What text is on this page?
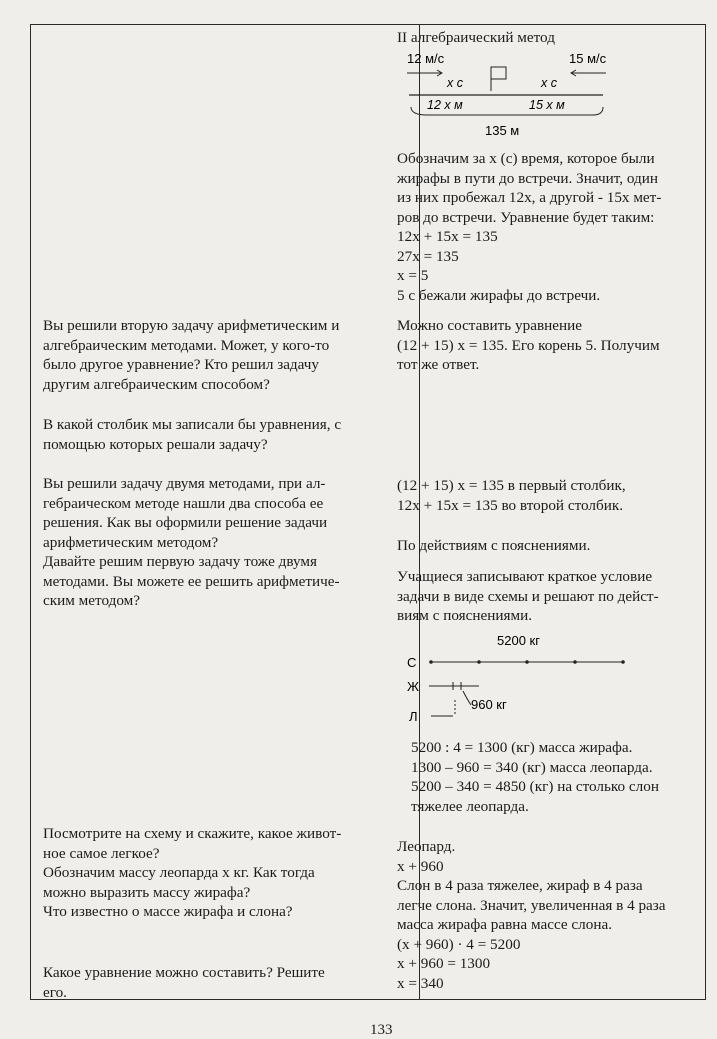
II алгебраический метод
12 м/с	15 м/с
х с	х с
12 х м	15 х м
135 м
Обозначим за х (с) время, которое были
жирафы в пути до встречи. Значит, один
из них пробежал 12х, а другой - 15х мет-
ров до встречи. Уравнение будет таким:
12х + 15х = 135
27х = 135
х = 5
5 с бежали жирафы до встречи.
Можно составить уравнение
(12 + 15) х = 135. Его корень 5. Получим
тот же ответ.
(12 + 15) х = 135 в первый столбик,
12х + 15х = 135 во второй столбик.
По действиям с пояснениями.
Учащиеся записывают краткое условие
задачи в виде схемы и решают по дейст-
виям с пояснениями.
5200 кг
С
Ж
960 кг
Л
5200 : 4 = 1300 (кг) масса жирафа.
1300 – 960 = 340 (кг) масса леопарда.
5200 – 340 = 4850 (кг) на столько слон
тяжелее леопарда.
Леопард.
х + 960
Слон в 4 раза тяжелее, жираф в 4 раза
легче слона. Значит, увеличенная в 4 раза
масса жирафа равна массе слона.
(х + 960) · 4 = 5200
х + 960 = 1300
х = 340
Вы решили вторую задачу арифметическим и
алгебраическим методами. Может, у кого-то
было другое уравнение? Кто решил задачу
другим алгебраическим способом?
В какой столбик мы записали бы уравнения, с
помощью которых решали задачу?
Вы решили задачу двумя методами, при ал-
гебраическом методе нашли два способа ее
решения. Как вы оформили решение задачи
арифметическим методом?
Давайте решим первую задачу тоже двумя
методами. Вы можете ее решить арифметиче-
ским методом?
Посмотрите на схему и скажите, какое живот-
ное самое легкое?
Обозначим массу леопарда х кг. Как тогда
можно выразить массу жирафа?
Что известно о массе жирафа и слона?
Какое уравнение можно составить? Решите
его.
133
